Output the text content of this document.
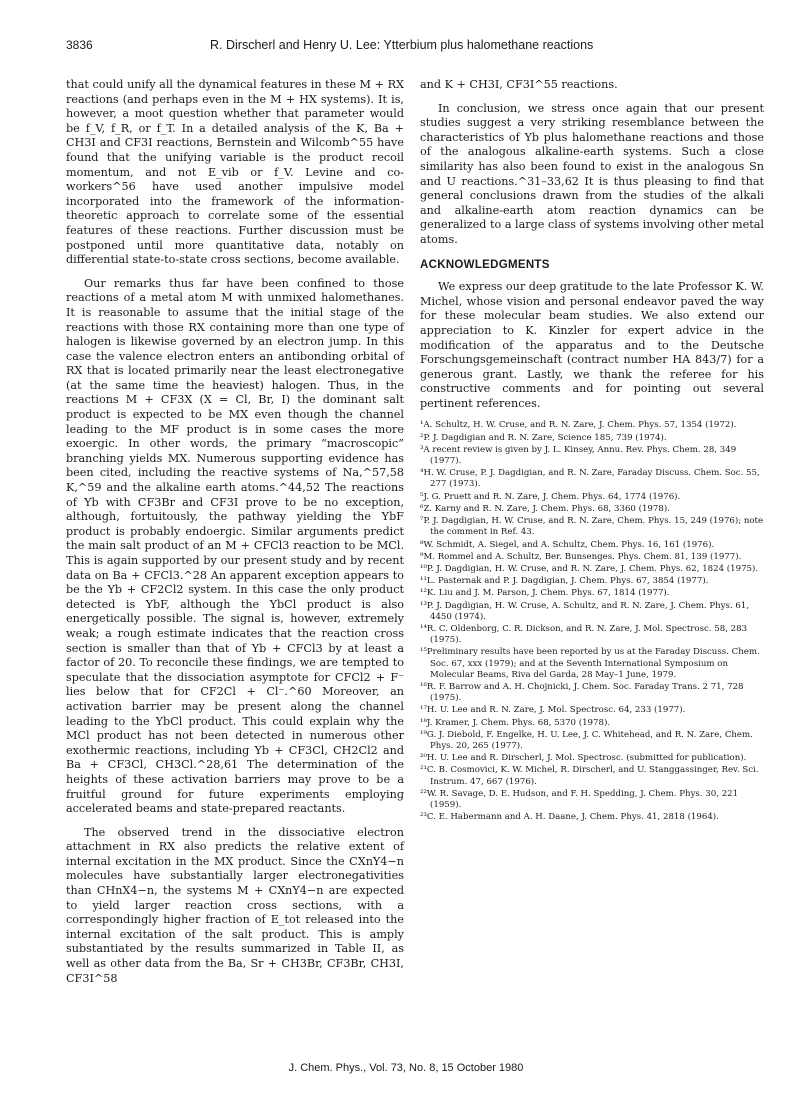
3836	R. Dirscherl and Henry U. Lee: Ytterbium plus halomethane reactions

that could unify all the dynamical features in these M + RX reactions (and perhaps even in the M + HX systems). It is, however, a moot question whether that parameter would be f_V, f_R, or f_T. In a detailed analysis of the K, Ba + CH3I and CF3I reactions, Bernstein and Wilcomb^55 have found that the unifying variable is the product recoil momentum, and not E_vib or f_V. Levine and co-workers^56 have used another impulsive model incorporated into the framework of the information-theoretic approach to correlate some of the essential features of these reactions. Further discussion must be postponed until more quantitative data, notably on differential state-to-state cross sections, become available.

Our remarks thus far have been confined to those reactions of a metal atom M with unmixed halomethanes. It is reasonable to assume that the initial stage of the reactions with those RX containing more than one type of halogen is likewise governed by an electron jump. In this case the valence electron enters an antibonding orbital of RX that is located primarily near the least electronegative (at the same time the heaviest) halogen. Thus, in the reactions M + CF3X (X = Cl, Br, I) the dominant salt product is expected to be MX even though the channel leading to the MF product is in some cases the more exoergic. In other words, the primary “macroscopic” branching yields MX. Numerous supporting evidence has been cited, including the reactive systems of Na,^57,58 K,^59 and the alkaline earth atoms.^44,52 The reactions of Yb with CF3Br and CF3I prove to be no exception, although, fortuitously, the pathway yielding the YbF product is probably endoergic. Similar arguments predict the main salt product of an M + CFCl3 reaction to be MCl. This is again supported by our present study and by recent data on Ba + CFCl3.^28 An apparent exception appears to be the Yb + CF2Cl2 system. In this case the only product detected is YbF, although the YbCl product is also energetically possible. The signal is, however, extremely weak; a rough estimate indicates that the reaction cross section is smaller than that of Yb + CFCl3 by at least a factor of 20. To reconcile these findings, we are tempted to speculate that the dissociation asymptote for CFCl2 + F⁻ lies below that for CF2Cl + Cl⁻.^60 Moreover, an activation barrier may be present along the channel leading to the YbCl product. This could explain why the MCl product has not been detected in numerous other exothermic reactions, including Yb + CF3Cl, CH2Cl2 and Ba + CF3Cl, CH3Cl.^28,61 The determination of the heights of these activation barriers may prove to be a fruitful ground for future experiments employing accelerated beams and state-prepared reactants.

The observed trend in the dissociative electron attachment in RX also predicts the relative extent of internal excitation in the MX product. Since the CXnY4−n molecules have substantially larger electronegativities than CHnX4−n, the systems M + CXnY4−n are expected to yield larger reaction cross sections, with a correspondingly higher fraction of E_tot released into the internal excitation of the salt product. This is amply substantiated by the results summarized in Table II, as well as other data from the Ba, Sr + CH3Br, CF3Br, CH3I, CF3I^58

and K + CH3I, CF3I^55 reactions.

In conclusion, we stress once again that our present studies suggest a very striking resemblance between the characteristics of Yb plus halomethane reactions and those of the analogous alkaline-earth systems. Such a close similarity has also been found to exist in the analogous Sn and U reactions.^31–33,62 It is thus pleasing to find that general conclusions drawn from the studies of the alkali and alkaline-earth atom reaction dynamics can be generalized to a large class of systems involving other metal atoms.

ACKNOWLEDGMENTS

We express our deep gratitude to the late Professor K. W. Michel, whose vision and personal endeavor paved the way for these molecular beam studies. We also extend our appreciation to K. Kinzler for expert advice in the modification of the apparatus and to the Deutsche Forschungsgemeinschaft (contract number HA 843/7) for a generous grant. Lastly, we thank the referee for his constructive comments and for pointing out several pertinent references.

¹A. Schultz, H. W. Cruse, and R. N. Zare, J. Chem. Phys. 57, 1354 (1972).
²P. J. Dagdigian and R. N. Zare, Science 185, 739 (1974).
³A recent review is given by J. L. Kinsey, Annu. Rev. Phys. Chem. 28, 349 (1977).
⁴H. W. Cruse, P. J. Dagdigian, and R. N. Zare, Faraday Discuss. Chem. Soc. 55, 277 (1973).
⁵J. G. Pruett and R. N. Zare, J. Chem. Phys. 64, 1774 (1976).
⁶Z. Karny and R. N. Zare, J. Chem. Phys. 68, 3360 (1978).
⁷P. J. Dagdigian, H. W. Cruse, and R. N. Zare, Chem. Phys. 15, 249 (1976); note the comment in Ref. 43.
⁸W. Schmidt, A. Siegel, and A. Schultz, Chem. Phys. 16, 161 (1976).
⁹M. Rommel and A. Schultz, Ber. Bunsenges. Phys. Chem. 81, 139 (1977).
¹⁰P. J. Dagdigian, H. W. Cruse, and R. N. Zare, J. Chem. Phys. 62, 1824 (1975).
¹¹L. Pasternak and P. J. Dagdigian, J. Chem. Phys. 67, 3854 (1977).
¹²K. Liu and J. M. Parson, J. Chem. Phys. 67, 1814 (1977).
¹³P. J. Dagdigian, H. W. Cruse, A. Schultz, and R. N. Zare, J. Chem. Phys. 61, 4450 (1974).
¹⁴R. C. Oldenborg, C. R. Dickson, and R. N. Zare, J. Mol. Spectrosc. 58, 283 (1975).
¹⁵Preliminary results have been reported by us at the Faraday Discuss. Chem. Soc. 67, xxx (1979); and at the Seventh International Symposium on Molecular Beams, Riva del Garda, 28 May–1 June, 1979.
¹⁶R. F. Barrow and A. H. Chojnicki, J. Chem. Soc. Faraday Trans. 2 71, 728 (1975).
¹⁷H. U. Lee and R. N. Zare, J. Mol. Spectrosc. 64, 233 (1977).
¹⁸J. Kramer, J. Chem. Phys. 68, 5370 (1978).
¹⁹G. J. Diebold, F. Engelke, H. U. Lee, J. C. Whitehead, and R. N. Zare, Chem. Phys. 20, 265 (1977).
²⁰H. U. Lee and R. Dirscherl, J. Mol. Spectrosc. (submitted for publication).
²¹C. B. Cosmovici, K. W. Michel, R. Dirscherl, and U. Stanggassinger, Rev. Sci. Instrum. 47, 667 (1976).
²²W. R. Savage, D. E. Hudson, and F. H. Spedding, J. Chem. Phys. 30, 221 (1959).
²³C. E. Habermann and A. H. Daane, J. Chem. Phys. 41, 2818 (1964).
J. Chem. Phys., Vol. 73, No. 8, 15 October 1980
